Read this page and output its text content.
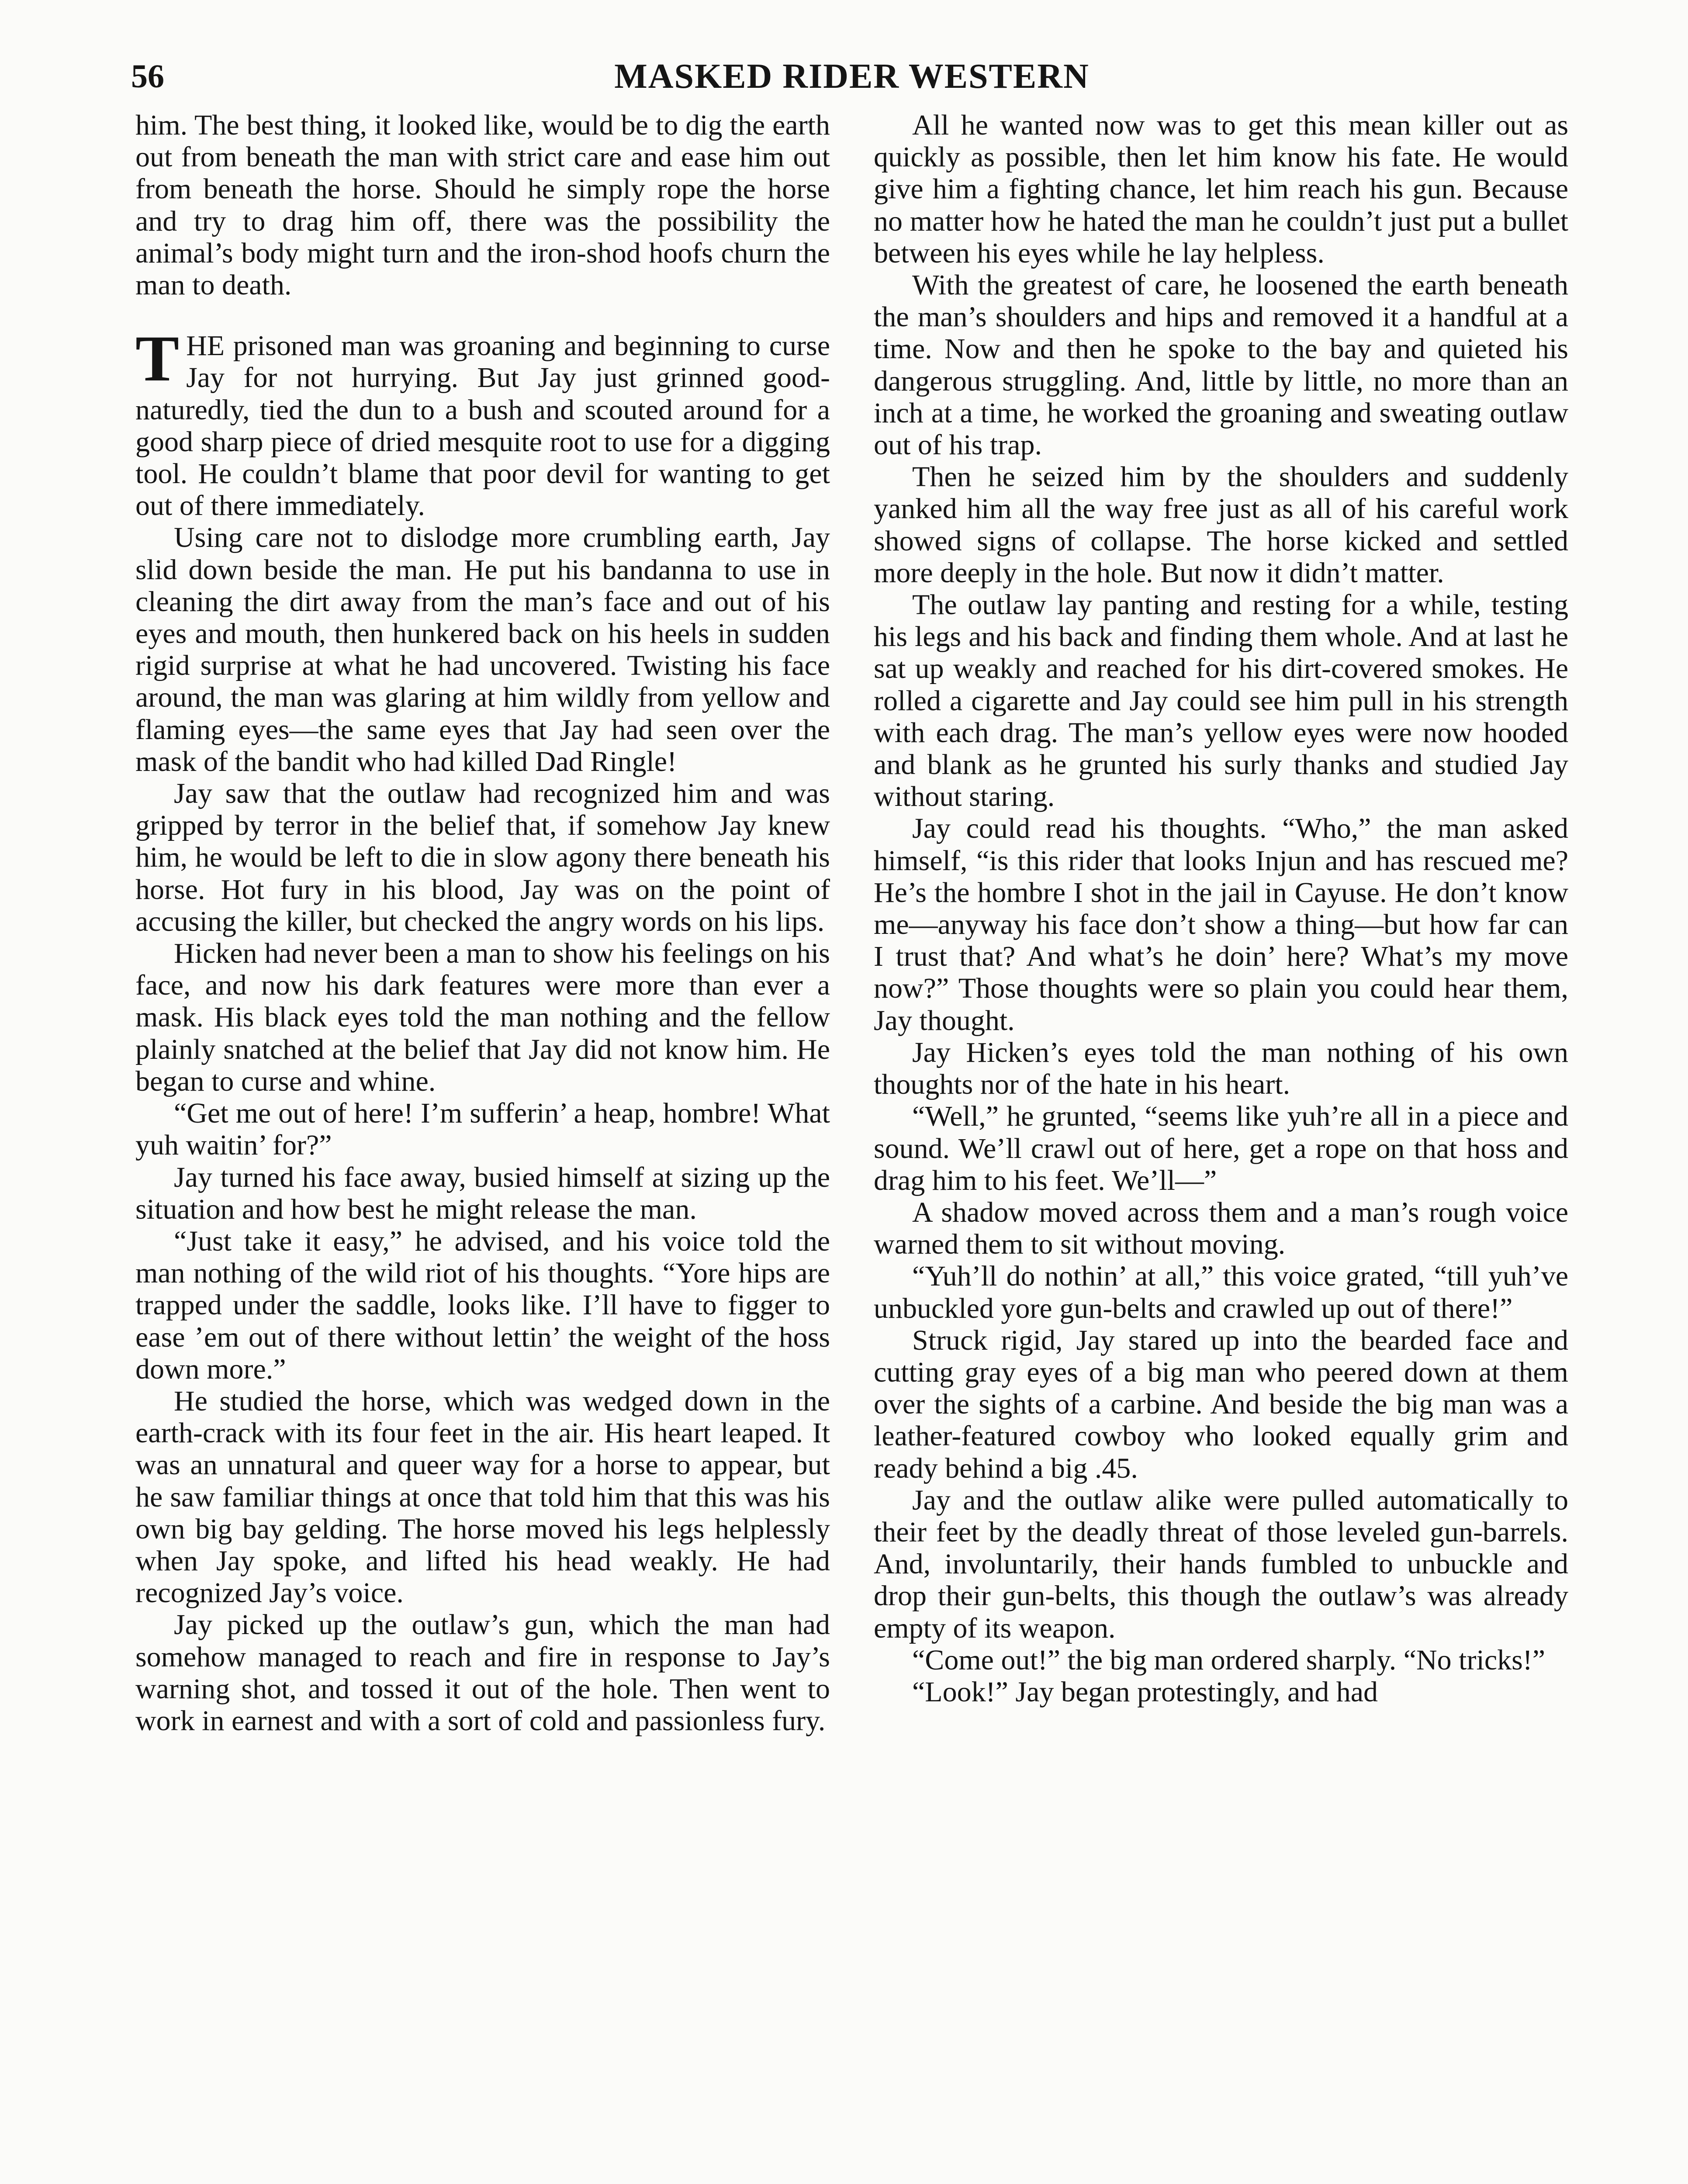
MASKED RIDER WESTERN

56

him. The best thing, it looked like, would be to dig the earth out from beneath the man with strict care and ease him out from beneath the horse. Should he simply rope the horse and try to drag him off, there was the possibility the animal’s body might turn and the iron-shod hoofs churn the man to death.

THE prisoned man was groaning and beginning to curse Jay for not hurrying. But Jay just grinned good-naturedly, tied the dun to a bush and scouted around for a good sharp piece of dried mesquite root to use for a digging tool. He couldn’t blame that poor devil for wanting to get out of there immediately.

Using care not to dislodge more crumbling earth, Jay slid down beside the man. He put his bandanna to use in cleaning the dirt away from the man’s face and out of his eyes and mouth, then hunkered back on his heels in sudden rigid surprise at what he had uncovered. Twisting his face around, the man was glaring at him wildly from yellow and flaming eyes—the same eyes that Jay had seen over the mask of the bandit who had killed Dad Ringle!

Jay saw that the outlaw had recognized him and was gripped by terror in the belief that, if somehow Jay knew him, he would be left to die in slow agony there beneath his horse. Hot fury in his blood, Jay was on the point of accusing the killer, but checked the angry words on his lips.

Hicken had never been a man to show his feelings on his face, and now his dark features were more than ever a mask. His black eyes told the man nothing and the fellow plainly snatched at the belief that Jay did not know him. He began to curse and whine.

“Get me out of here! I’m sufferin’ a heap, hombre! What yuh waitin’ for?”

Jay turned his face away, busied himself at sizing up the situation and how best he might release the man.

“Just take it easy,” he advised, and his voice told the man nothing of the wild riot of his thoughts. “Yore hips are trapped under the saddle, looks like. I’ll have to figger to ease ’em out of there without lettin’ the weight of the hoss down more.”

He studied the horse, which was wedged down in the earth-crack with its four feet in the air. His heart leaped. It was an unnatural and queer way for a horse to appear, but he saw familiar things at once that told him that this was his own big bay gelding. The horse moved his legs helplessly when Jay spoke, and lifted his head weakly. He had recognized Jay’s voice.

Jay picked up the outlaw’s gun, which the man had somehow managed to reach and fire in response to Jay’s warning shot, and tossed it out of the hole. Then went to work in earnest and with a sort of cold and passionless fury.

All he wanted now was to get this mean killer out as quickly as possible, then let him know his fate. He would give him a fighting chance, let him reach his gun. Because no matter how he hated the man he couldn’t just put a bullet between his eyes while he lay helpless.

With the greatest of care, he loosened the earth beneath the man’s shoulders and hips and removed it a handful at a time. Now and then he spoke to the bay and quieted his dangerous struggling. And, little by little, no more than an inch at a time, he worked the groaning and sweating outlaw out of his trap.

Then he seized him by the shoulders and suddenly yanked him all the way free just as all of his careful work showed signs of collapse. The horse kicked and settled more deeply in the hole. But now it didn’t matter.

The outlaw lay panting and resting for a while, testing his legs and his back and finding them whole. And at last he sat up weakly and reached for his dirt-covered smokes. He rolled a cigarette and Jay could see him pull in his strength with each drag. The man’s yellow eyes were now hooded and blank as he grunted his surly thanks and studied Jay without staring.

Jay could read his thoughts. “Who,” the man asked himself, “is this rider that looks Injun and has rescued me? He’s the hombre I shot in the jail in Cayuse. He don’t know me—anyway his face don’t show a thing—but how far can I trust that? And what’s he doin’ here? What’s my move now?” Those thoughts were so plain you could hear them, Jay thought.

Jay Hicken’s eyes told the man nothing of his own thoughts nor of the hate in his heart.

“Well,” he grunted, “seems like yuh’re all in a piece and sound. We’ll crawl out of here, get a rope on that hoss and drag him to his feet. We’ll—”

A shadow moved across them and a man’s rough voice warned them to sit without moving.

“Yuh’ll do nothin’ at all,” this voice grated, “till yuh’ve unbuckled yore gun-belts and crawled up out of there!”

Struck rigid, Jay stared up into the bearded face and cutting gray eyes of a big man who peered down at them over the sights of a carbine. And beside the big man was a leather-featured cowboy who looked equally grim and ready behind a big .45.

Jay and the outlaw alike were pulled automatically to their feet by the deadly threat of those leveled gun-barrels. And, involuntarily, their hands fumbled to unbuckle and drop their gun-belts, this though the outlaw’s was already empty of its weapon.

“Come out!” the big man ordered sharply. “No tricks!”

“Look!” Jay began protestingly, and had
